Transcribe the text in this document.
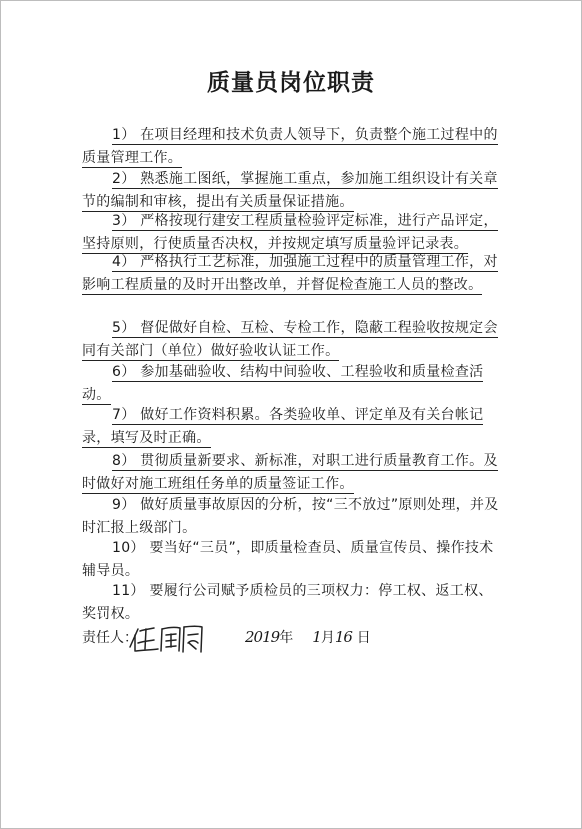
质量员岗位职责
1） 在项目经理和技术负责人领导下，负责整个施工过程中的质量管理工作。
2） 熟悉施工图纸，掌握施工重点，参加施工组织设计有关章节的编制和审核，提出有关质量保证措施。
3） 严格按现行建安工程质量检验评定标准，进行产品评定，坚持原则，行使质量否决权，并按规定填写质量验评记录表。
4） 严格执行工艺标准，加强施工过程中的质量管理工作，对影响工程质量的及时开出整改单，并督促检查施工人员的整改。
5） 督促做好自检、互检、专检工作，隐蔽工程验收按规定会同有关部门（单位）做好验收认证工作。
6） 参加基础验收、结构中间验收、工程验收和质量检查活动。
7） 做好工作资料积累。各类验收单、评定单及有关台帐记录，填写及时正确。
8） 贯彻质量新要求、新标准，对职工进行质量教育工作。及时做好对施工班组任务单的质量签证工作。
9） 做好质量事故原因的分析，按“三不放过”原则处理，并及时汇报上级部门。
10） 要当好“三员”，即质量检查员、质量宣传员、操作技术辅导员。
11） 要履行公司赋予质检员的三项权力：停工权、返工权、奖罚权。
责任人：	2019年 1月16 日
